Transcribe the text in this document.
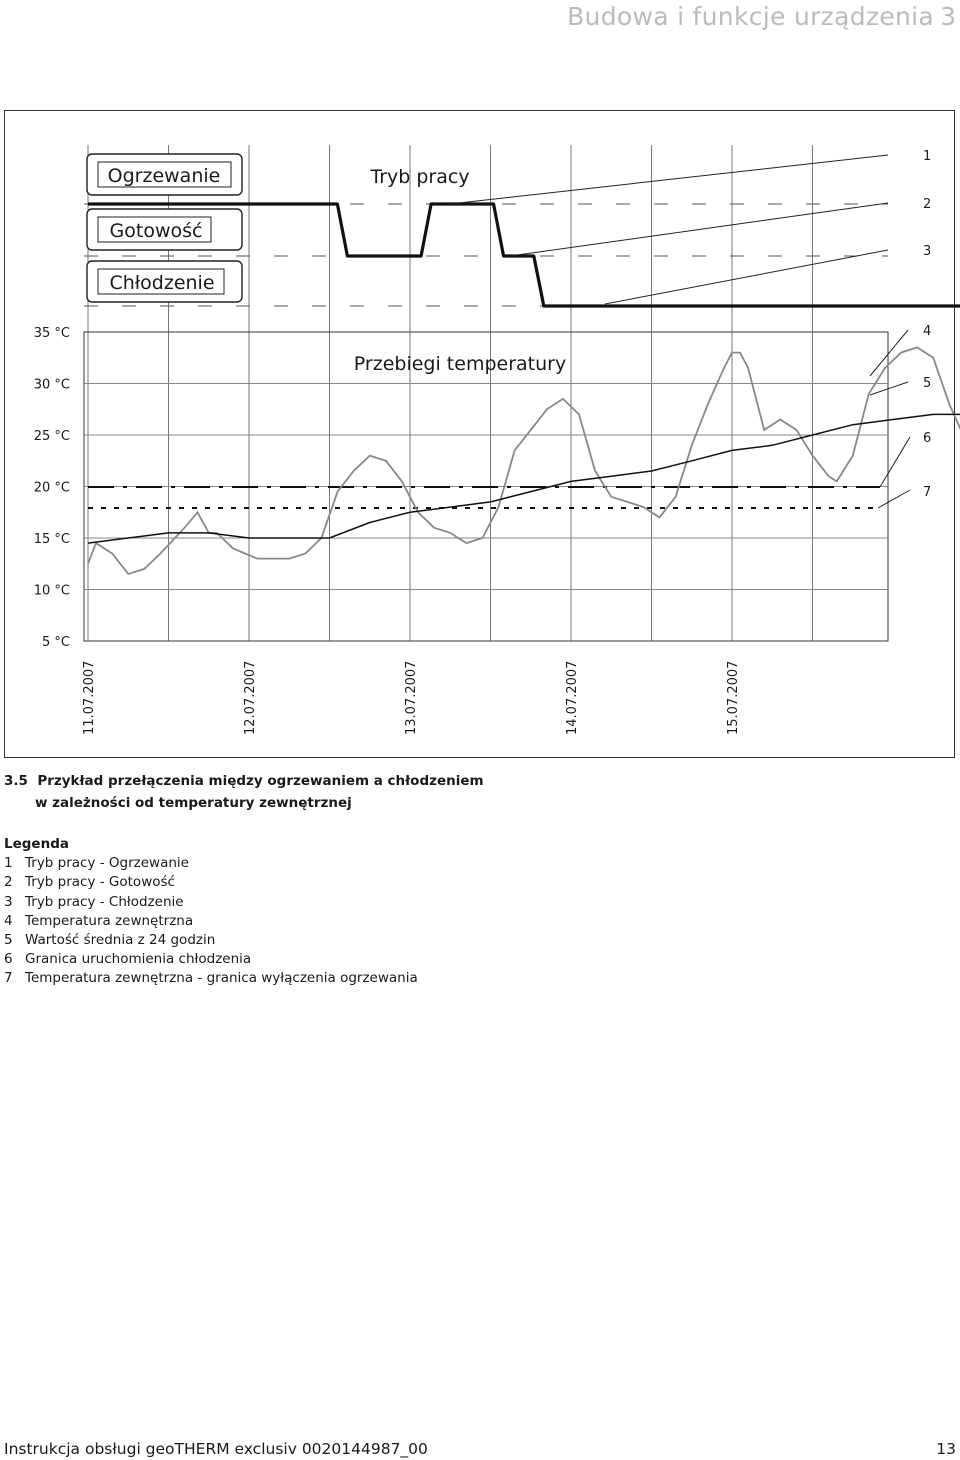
Budowa i funkcje urządzenia 3
Ogrzewanie
Gotowość
Chłodzenie
Tryb pracy
Przebiegi temperatury
35 °C
30 °C
25 °C
20 °C
15 °C
10 °C
5 °C
11.07.2007	12.07.2007	13.07.2007	14.07.2007	15.07.2007
1
2
3
4
5
6
7
3.5 Przykład przełączenia między ogrzewaniem a chłodzeniem
w zależności od temperatury zewnętrznej
Legenda
1 Tryb pracy - Ogrzewanie
2 Tryb pracy - Gotowość
3 Tryb pracy - Chłodzenie
4 Temperatura zewnętrzna
5 Wartość średnia z 24 godzin
6 Granica uruchomienia chłodzenia
7 Temperatura zewnętrzna - granica wyłączenia ogrzewania
Instrukcja obsługi geoTHERM exclusiv 0020144987_00	13
